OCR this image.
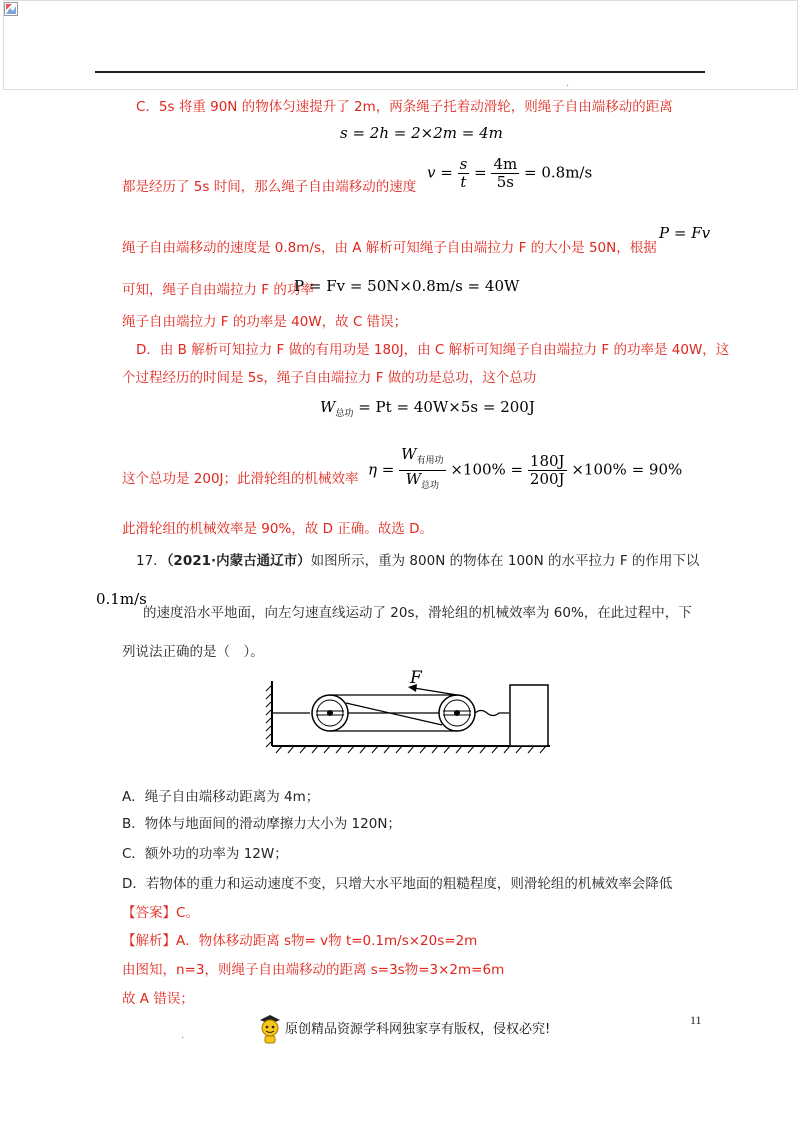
.
C．5s 将重 90N 的物体匀速提升了 2m，两条绳子托着动滑轮，则绳子自由端移动的距离
s = 2h = 2×2m = 4m
都是经历了 5s 时间，那么绳子自由端移动的速度
$v = \frac{s}{t} = \frac{4m}{5s} = 0.8m/s$
绳子自由端移动的速度是 0.8m/s，由 A 解析可知绳子自由端拉力 F 的大小是 50N，根据
P = Fv
可知，绳子自由端拉力 F 的功率
P = Fv = 50N×0.8m/s = 40W
绳子自由端拉力 F 的功率是 40W，故 C 错误；
D．由 B 解析可知拉力 F 做的有用功是 180J，由 C 解析可知绳子自由端拉力 F 的功率是 40W，这
个过程经历的时间是 5s，绳子自由端拉力 F 做的功是总功，这个总功
$W_{总功} = Pt = 40W\times 5s = 200J$
这个总功是 200J；此滑轮组的机械效率
$\eta = \frac{W_{有用功}}{W_{总功}} \times 100\% = \frac{180J}{200J} \times 100\% = 90\%$
此滑轮组的机械效率是 90%，故 D 正确。故选 D。
17．（2021·内蒙古通辽市）如图所示，重为 800N 的物体在 100N 的水平拉力 F 的作用下以
0.1m/s
的速度沿水平地面，向左匀速直线运动了 20s，滑轮组的机械效率为 60%，在此过程中，下
列说法正确的是（　）。
F
A．绳子自由端移动距离为 4m；
B．物体与地面间的滑动摩擦力大小为 120N；
C．额外功的功率为 12W；
D．若物体的重力和运动速度不变，只增大水平地面的粗糙程度，则滑轮组的机械效率会降低
【答案】C。
【解析】A．物体移动距离 s物= v物 t=0.1m/s×20s=2m
由图知，n=3，则绳子自由端移动的距离 s=3s物=3×2m=6m
故 A 错误；
11
.	原创精品资源学科网独家享有版权，侵权必究!
